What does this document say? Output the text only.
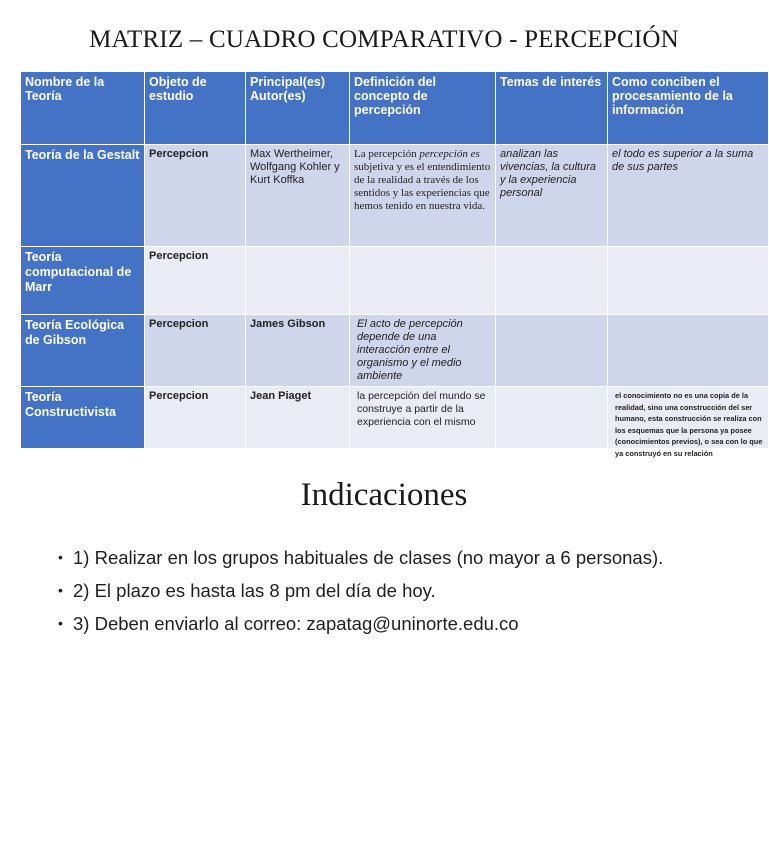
MATRIZ – CUADRO COMPARATIVO - PERCEPCIÓN
Nombre de la Teoría	Objeto de estudio	Principal(es) Autor(es)	Definición del concepto de percepción	Temas de interés	Como conciben el procesamiento de la información
Teoría de la Gestalt	Percepcion	Max Wertheimer, Wolfgang Kohler y Kurt Koffka	La percepción percepción es subjetiva y es el entendimiento de la realidad a través de los sentidos y las experiencias que hemos tenido en nuestra vida.	analizan las vivencias, la cultura y la experiencia personal	el todo es superior a la suma de sus partes
Teoría computacional de Marr	Percepcion				
Teoría Ecológica de Gibson	Percepcion	James Gibson	El acto de percepción depende de una interacción entre el organismo y el medio ambiente		
Teoría Constructivista	Percepcion	Jean Piaget	la percepción del mundo se construye a partir de la experiencia con el mismo		el conocimiento no es una copia de la realidad, sino una construcción del ser humano, esta construcción se realiza con los esquemas que la persona ya posee (conocimientos previos), o sea con lo que ya construyó en su relación
Indicaciones
• 1) Realizar en los grupos habituales de clases (no mayor a 6 personas).
• 2) El plazo es hasta las 8 pm del día de hoy.
• 3) Deben enviarlo al correo: zapatag@uninorte.edu.co
